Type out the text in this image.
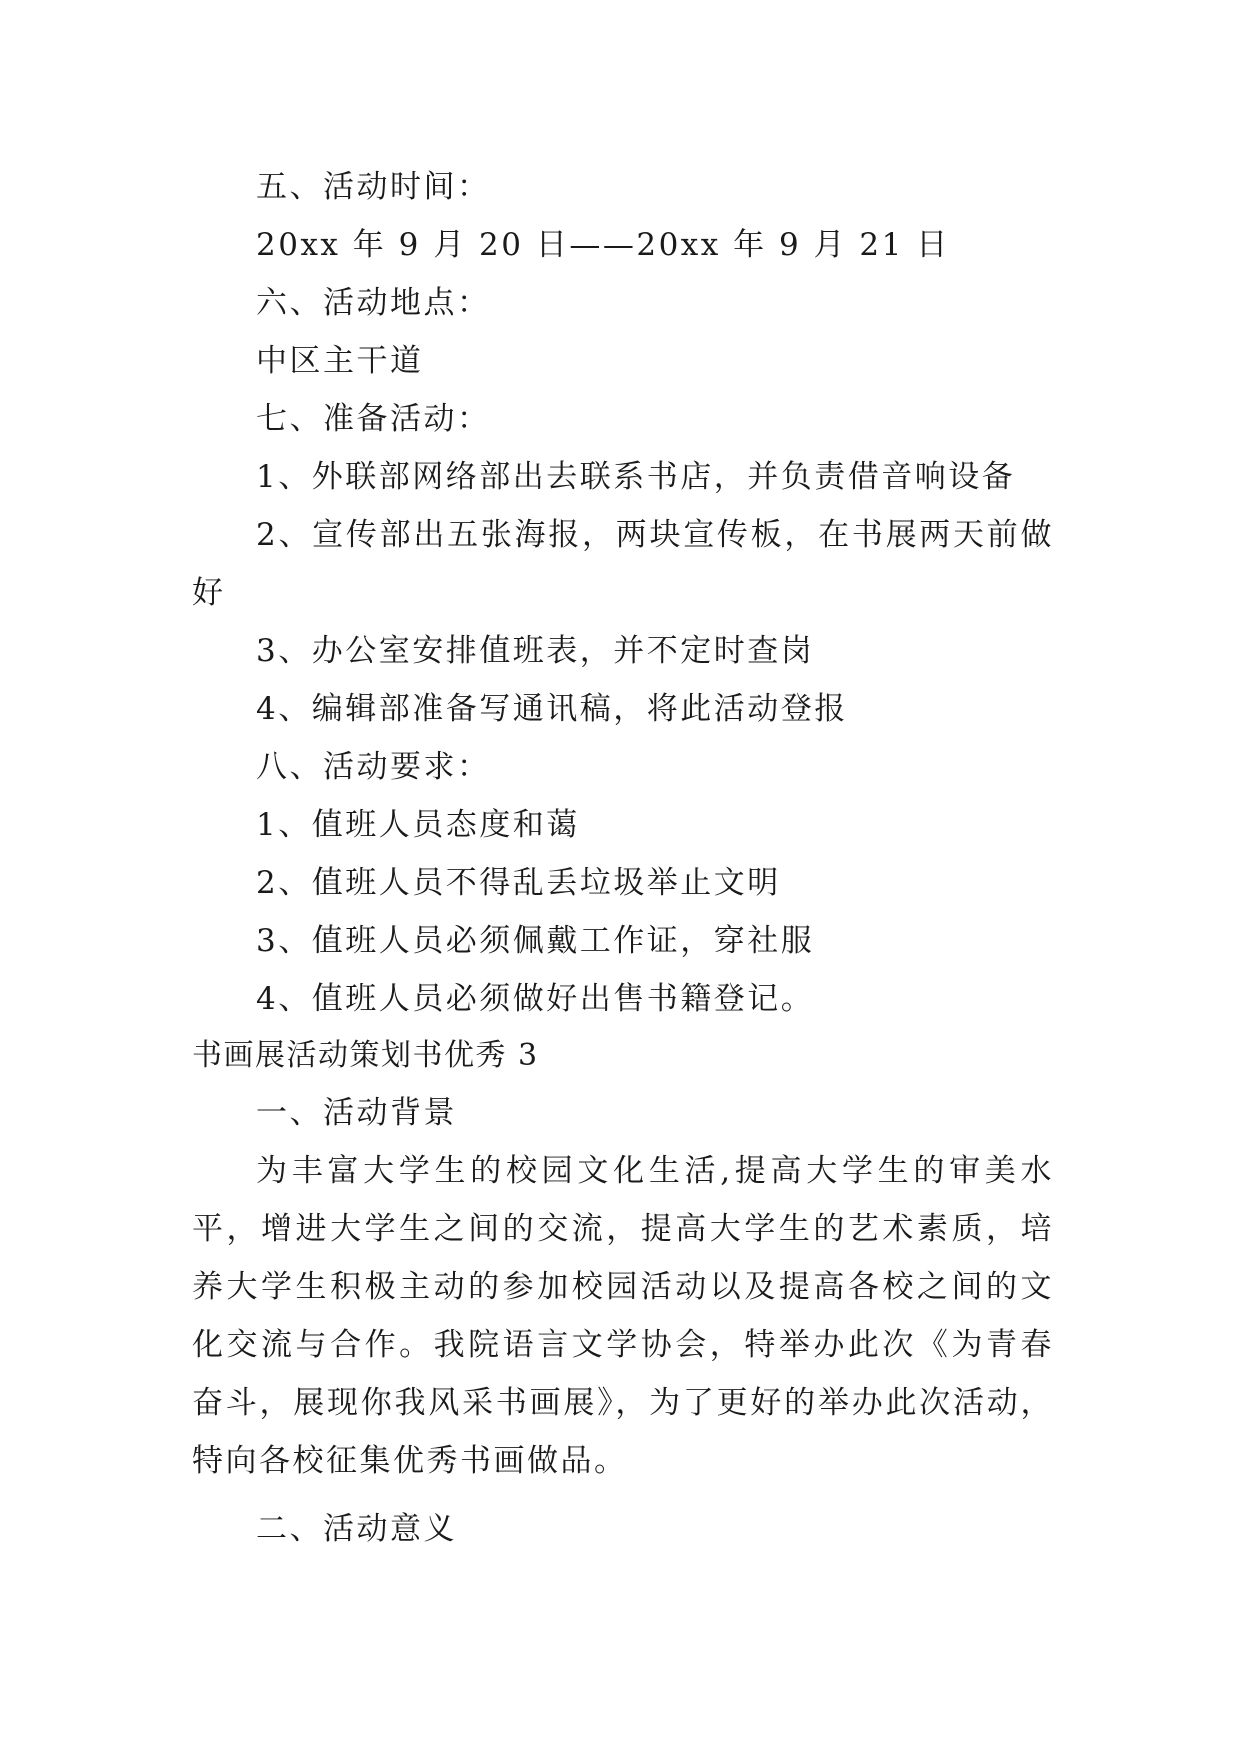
五、活动时间：

20xx 年 9 月 20 日——20xx 年 9 月 21 日

六、活动地点：

中区主干道

七、准备活动：

1、外联部网络部出去联系书店，并负责借音响设备

2、宣传部出五张海报，两块宣传板，在书展两天前做好

3、办公室安排值班表，并不定时查岗

4、编辑部准备写通讯稿，将此活动登报

八、活动要求：

1、值班人员态度和蔼

2、值班人员不得乱丢垃圾举止文明

3、值班人员必须佩戴工作证，穿社服

4、值班人员必须做好出售书籍登记。

书画展活动策划书优秀 3

一、活动背景

为丰富大学生的校园文化生活,提高大学生的审美水平，增进大学生之间的交流，提高大学生的艺术素质，培养大学生积极主动的参加校园活动以及提高各校之间的文化交流与合作。我院语言文学协会，特举办此次《为青春奋斗，展现你我风采书画展》，为了更好的举办此次活动，特向各校征集优秀书画做品。

二、活动意义
